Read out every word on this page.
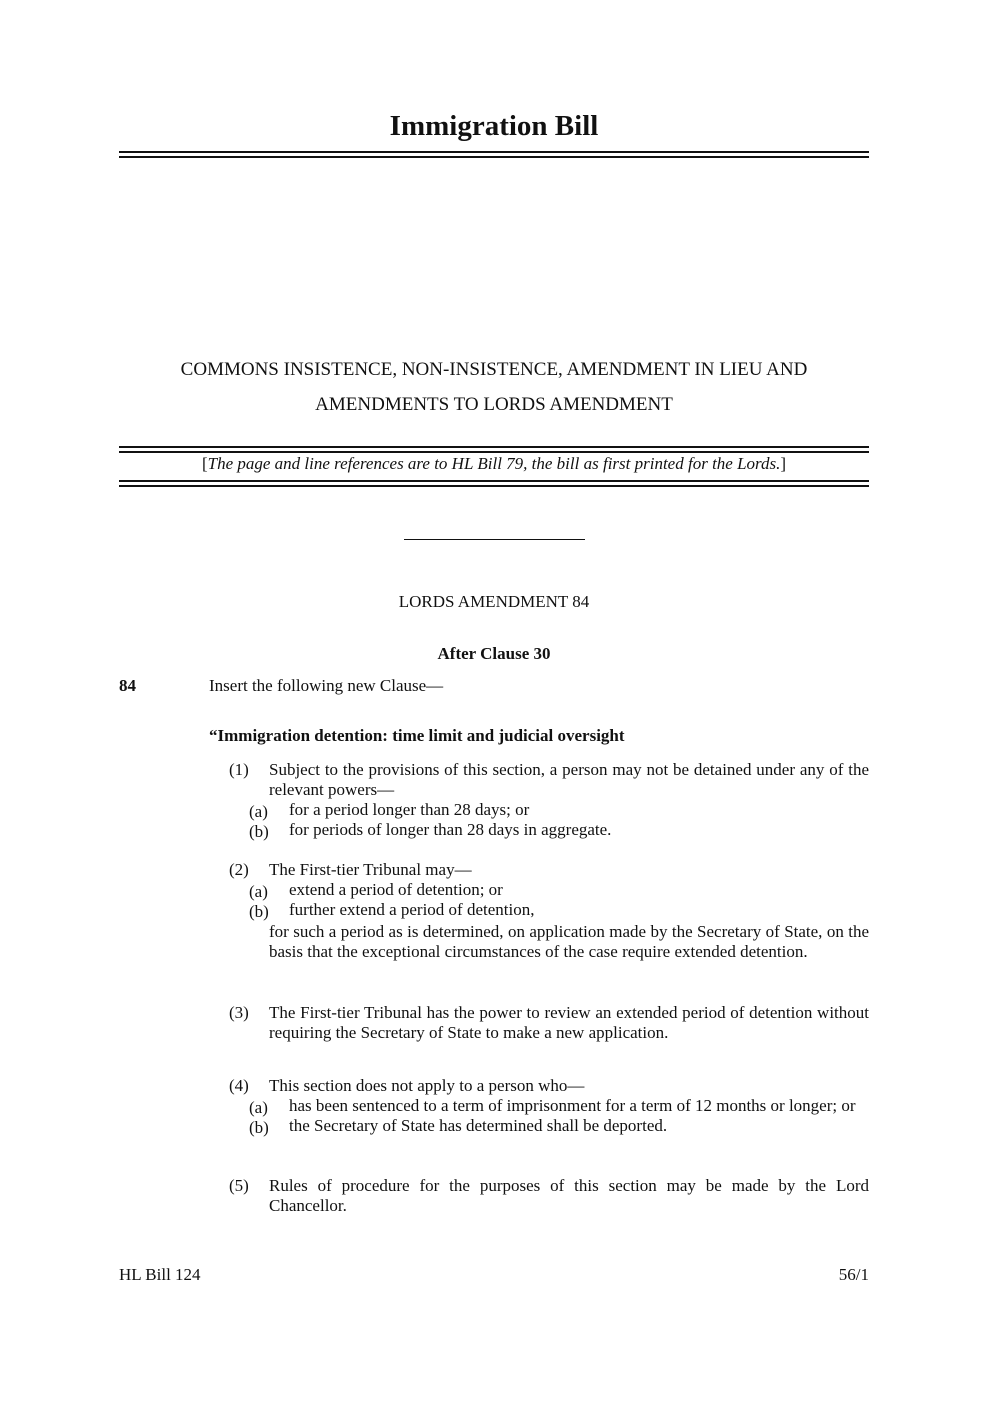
Immigration Bill
COMMONS INSISTENCE, NON-INSISTENCE, AMENDMENT IN LIEU AND
AMENDMENTS TO LORDS AMENDMENT
[The page and line references are to HL Bill 79, the bill as first printed for the Lords.]
LORDS AMENDMENT 84
After Clause 30
84	Insert the following new Clause—
“Immigration detention: time limit and judicial oversight
(1) Subject to the provisions of this section, a person may not be detained under any of the relevant powers—
(a) for a period longer than 28 days; or
(b) for periods of longer than 28 days in aggregate.
(2) The First-tier Tribunal may—
(a) extend a period of detention; or
(b) further extend a period of detention,
for such a period as is determined, on application made by the Secretary of State, on the basis that the exceptional circumstances of the case require extended detention.
(3) The First-tier Tribunal has the power to review an extended period of detention without requiring the Secretary of State to make a new application.
(4) This section does not apply to a person who—
(a) has been sentenced to a term of imprisonment for a term of 12 months or longer; or
(b) the Secretary of State has determined shall be deported.
(5) Rules of procedure for the purposes of this section may be made by the Lord Chancellor.
HL Bill 124	56/1
